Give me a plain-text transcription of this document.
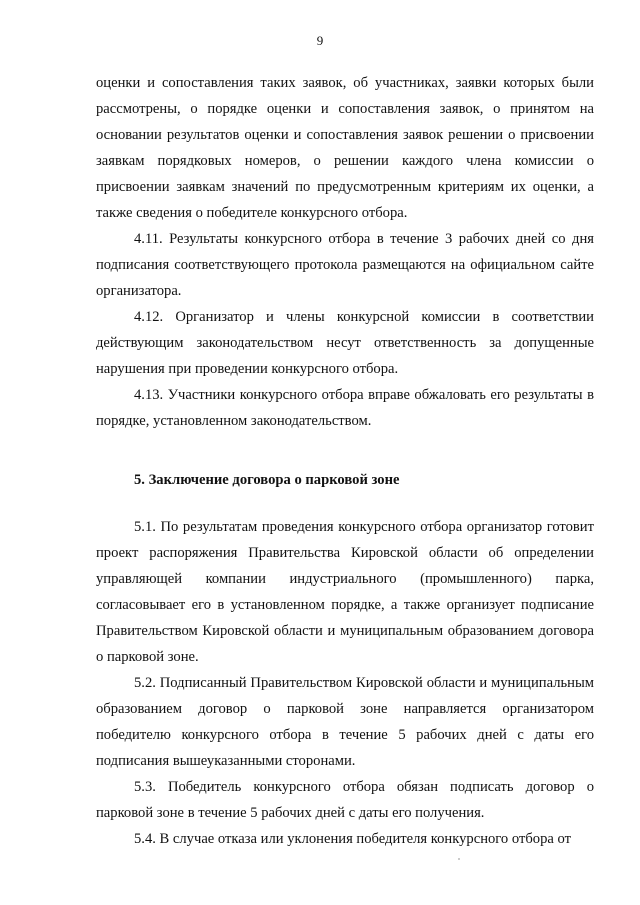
9

оценки и сопоставления таких заявок, об участниках, заявки которых были рассмотрены, о порядке оценки и сопоставления заявок, о принятом на основании результатов оценки и сопоставления заявок решении о присвоении заявкам порядковых номеров, о решении каждого члена комиссии о присвоении заявкам значений по предусмотренным критериям их оценки, а также сведения о победителе конкурсного отбора.

4.11. Результаты конкурсного отбора в течение 3 рабочих дней со дня подписания соответствующего протокола размещаются на официальном сайте организатора.

4.12. Организатор и члены конкурсной комиссии в соответствии действующим законодательством несут ответственность за допущенные нарушения при проведении конкурсного отбора.

4.13. Участники конкурсного отбора вправе обжаловать его результаты в порядке, установленном законодательством.

5. Заключение договора о парковой зоне

5.1. По результатам проведения конкурсного отбора организатор готовит проект распоряжения Правительства Кировской области об определении управляющей компании индустриального (промышленного) парка, согласовывает его в установленном порядке, а также организует подписание Правительством Кировской области и муниципальным образованием договора о парковой зоне.

5.2. Подписанный Правительством Кировской области и муниципальным образованием договор о парковой зоне направляется организатором победителю конкурсного отбора в течение 5 рабочих дней с даты его подписания вышеуказанными сторонами.

5.3. Победитель конкурсного отбора обязан подписать договор о парковой зоне в течение 5 рабочих дней с даты его получения.

5.4. В случае отказа или уклонения победителя конкурсного отбора от
